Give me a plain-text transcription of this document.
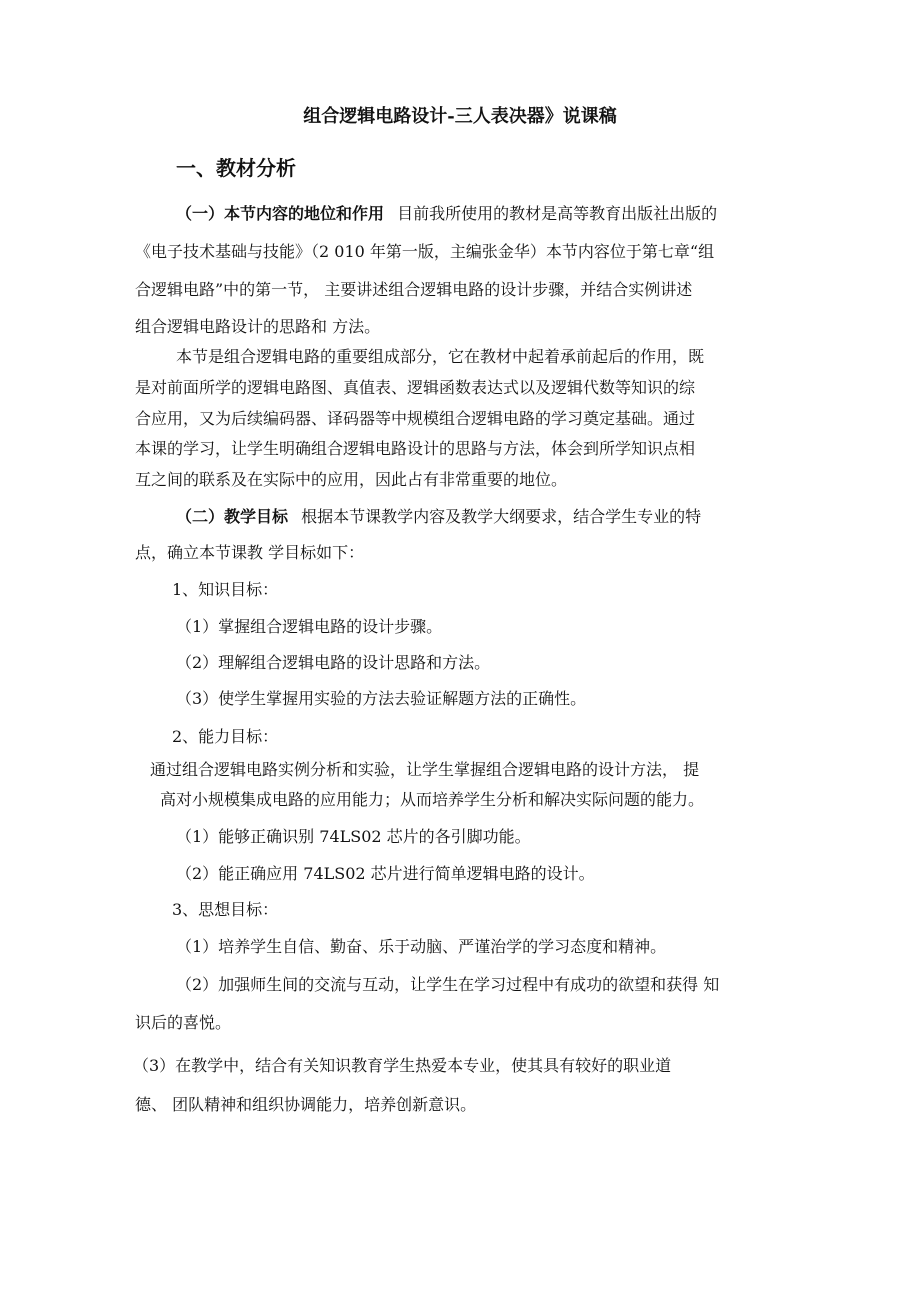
组合逻辑电路设计-三人表决器》说课稿
一、教材分析
（一）本节内容的地位和作用 目前我所使用的教材是高等教育出版社出版的
《电子技术基础与技能》（2 010 年第一版，主编张金华）本节内容位于第七章“组
合逻辑电路”中的第一节， 主要讲述组合逻辑电路的设计步骤，并结合实例讲述
组合逻辑电路设计的思路和 方法。
本节是组合逻辑电路的重要组成部分，它在教材中起着承前起后的作用，既
是对前面所学的逻辑电路图、真值表、逻辑函数表达式以及逻辑代数等知识的综
合应用，又为后续编码器、译码器等中规模组合逻辑电路的学习奠定基础。通过
本课的学习，让学生明确组合逻辑电路设计的思路与方法，体会到所学知识点相
互之间的联系及在实际中的应用，因此占有非常重要的地位。
（二）教学目标 根据本节课教学内容及教学大纲要求，结合学生专业的特
点，确立本节课教 学目标如下：
1、知识目标：
（1）掌握组合逻辑电路的设计步骤。
（2）理解组合逻辑电路的设计思路和方法。
（3）使学生掌握用实验的方法去验证解题方法的正确性。
2、能力目标：
通过组合逻辑电路实例分析和实验，让学生掌握组合逻辑电路的设计方法， 提
高对小规模集成电路的应用能力；从而培养学生分析和解决实际问题的能力。
（1）能够正确识别 74LS02 芯片的各引脚功能。
（2）能正确应用 74LS02 芯片进行简单逻辑电路的设计。
3、思想目标：
（1）培养学生自信、勤奋、乐于动脑、严谨治学的学习态度和精神。
（2）加强师生间的交流与互动，让学生在学习过程中有成功的欲望和获得 知
识后的喜悦。
（3）在教学中，结合有关知识教育学生热爱本专业，使其具有较好的职业道
德、 团队精神和组织协调能力，培养创新意识。
